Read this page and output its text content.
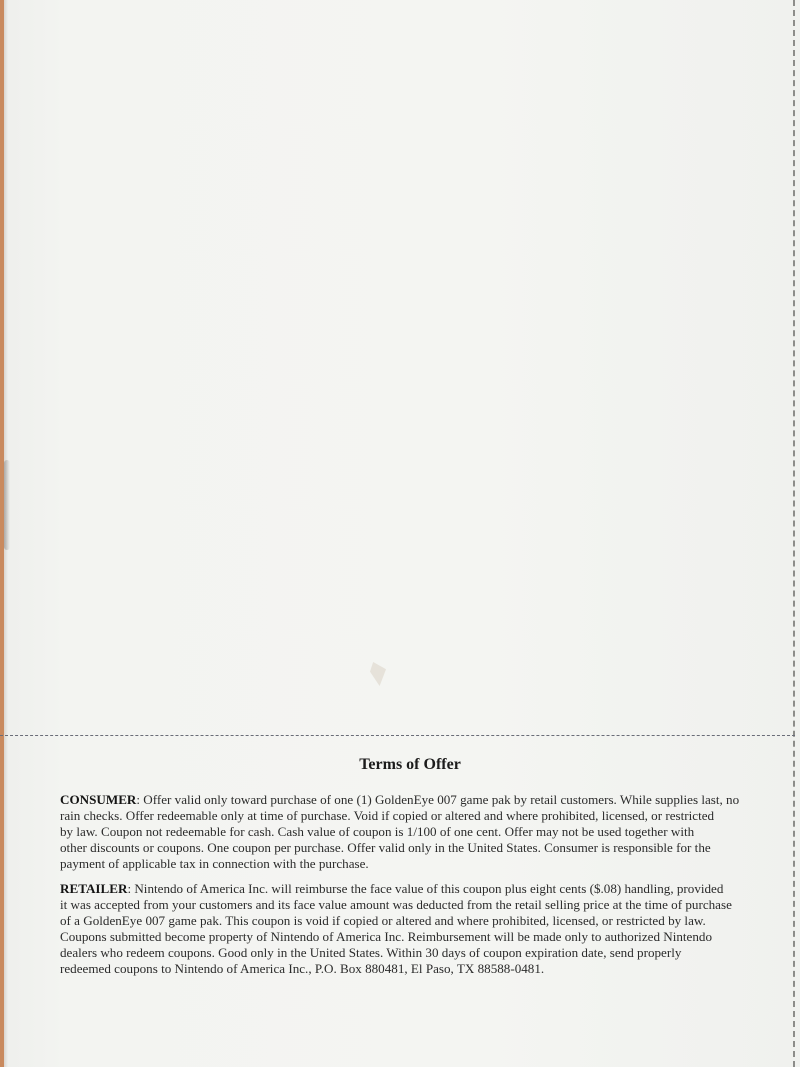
Terms of Offer
CONSUMER: Offer valid only toward purchase of one (1) GoldenEye 007 game pak by retail customers. While supplies last, no
rain checks. Offer redeemable only at time of purchase. Void if copied or altered and where prohibited, licensed, or restricted
by law. Coupon not redeemable for cash. Cash value of coupon is 1/100 of one cent. Offer may not be used together with
other discounts or coupons. One coupon per purchase. Offer valid only in the United States. Consumer is responsible for the
payment of applicable tax in connection with the purchase.
RETAILER: Nintendo of America Inc. will reimburse the face value of this coupon plus eight cents ($.08) handling, provided
it was accepted from your customers and its face value amount was deducted from the retail selling price at the time of purchase
of a GoldenEye 007 game pak. This coupon is void if copied or altered and where prohibited, licensed, or restricted by law.
Coupons submitted become property of Nintendo of America Inc. Reimbursement will be made only to authorized Nintendo
dealers who redeem coupons. Good only in the United States. Within 30 days of coupon expiration date, send properly
redeemed coupons to Nintendo of America Inc., P.O. Box 880481, El Paso, TX 88588-0481.
